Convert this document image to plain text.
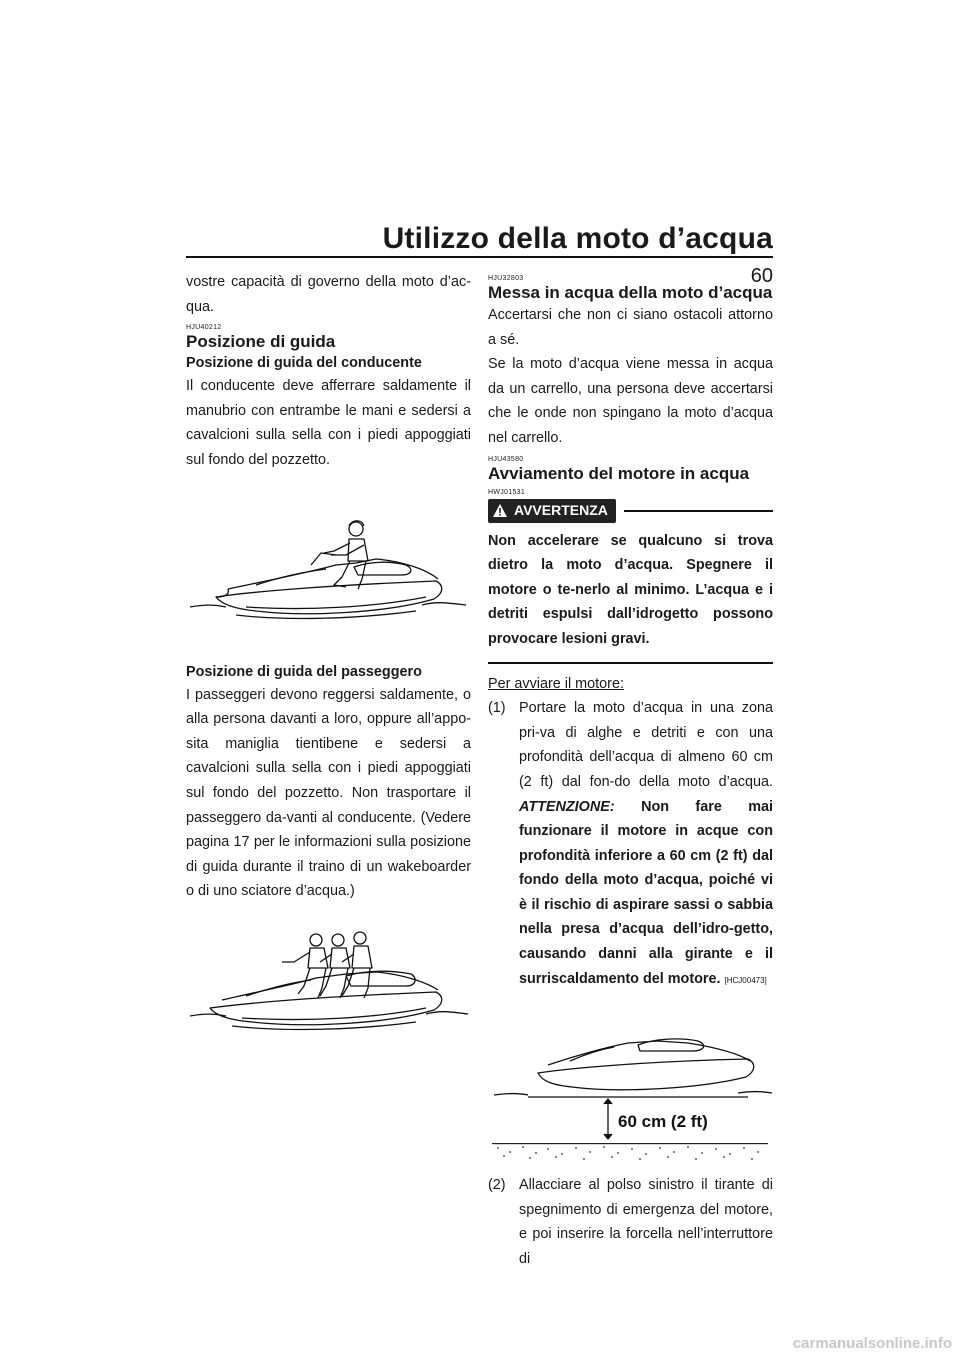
Utilizzo della moto d’acqua
60

vostre capacità di governo della moto d’ac-qua.

HJU40212
Posizione di guida
Posizione di guida del conducente

Il conducente deve afferrare saldamente il manubrio con entrambe le mani e sedersi a cavalcioni sulla sella con i piedi appoggiati sul fondo del pozzetto.

Posizione di guida del passeggero

I passeggeri devono reggersi saldamente, o alla persona davanti a loro, oppure all’appo-sita maniglia tientibene e sedersi a cavalcioni sulla sella con i piedi appoggiati sul fondo del pozzetto. Non trasportare il passeggero da-vanti al conducente. (Vedere pagina 17 per le informazioni sulla posizione di guida durante il traino di un wakeboarder o di uno sciatore d’acqua.)

HJU32803
Messa in acqua della moto d’acqua

Accertarsi che non ci siano ostacoli attorno a sé.

Se la moto d’acqua viene messa in acqua da un carrello, una persona deve accertarsi che le onde non spingano la moto d’acqua nel carrello.

HJU43580
Avviamento del motore in acqua
HWJ01531
AVVERTENZA

Non accelerare se qualcuno si trova dietro la moto d’acqua. Spegnere il motore o te-nerlo al minimo. L’acqua e i detriti espulsi dall’idrogetto possono provocare lesioni gravi.

Per avviare il motore:

(1) Portare la moto d’acqua in una zona pri-va di alghe e detriti e con una profondità dell’acqua di almeno 60 cm (2 ft) dal fon-do della moto d’acqua. ATTENZIONE: Non fare mai funzionare il motore in acque con profondità inferiore a 60 cm (2 ft) dal fondo della moto d’acqua, poiché vi è il rischio di aspirare sassi o sabbia nella presa d’acqua dell’idro-getto, causando danni alla girante e il surriscaldamento del motore. [HCJ00473]
60 cm (2 ft)
(2) Allacciare al polso sinistro il tirante di spegnimento di emergenza del motore, e poi inserire la forcella nell’interruttore di
carmanualsonline.info
